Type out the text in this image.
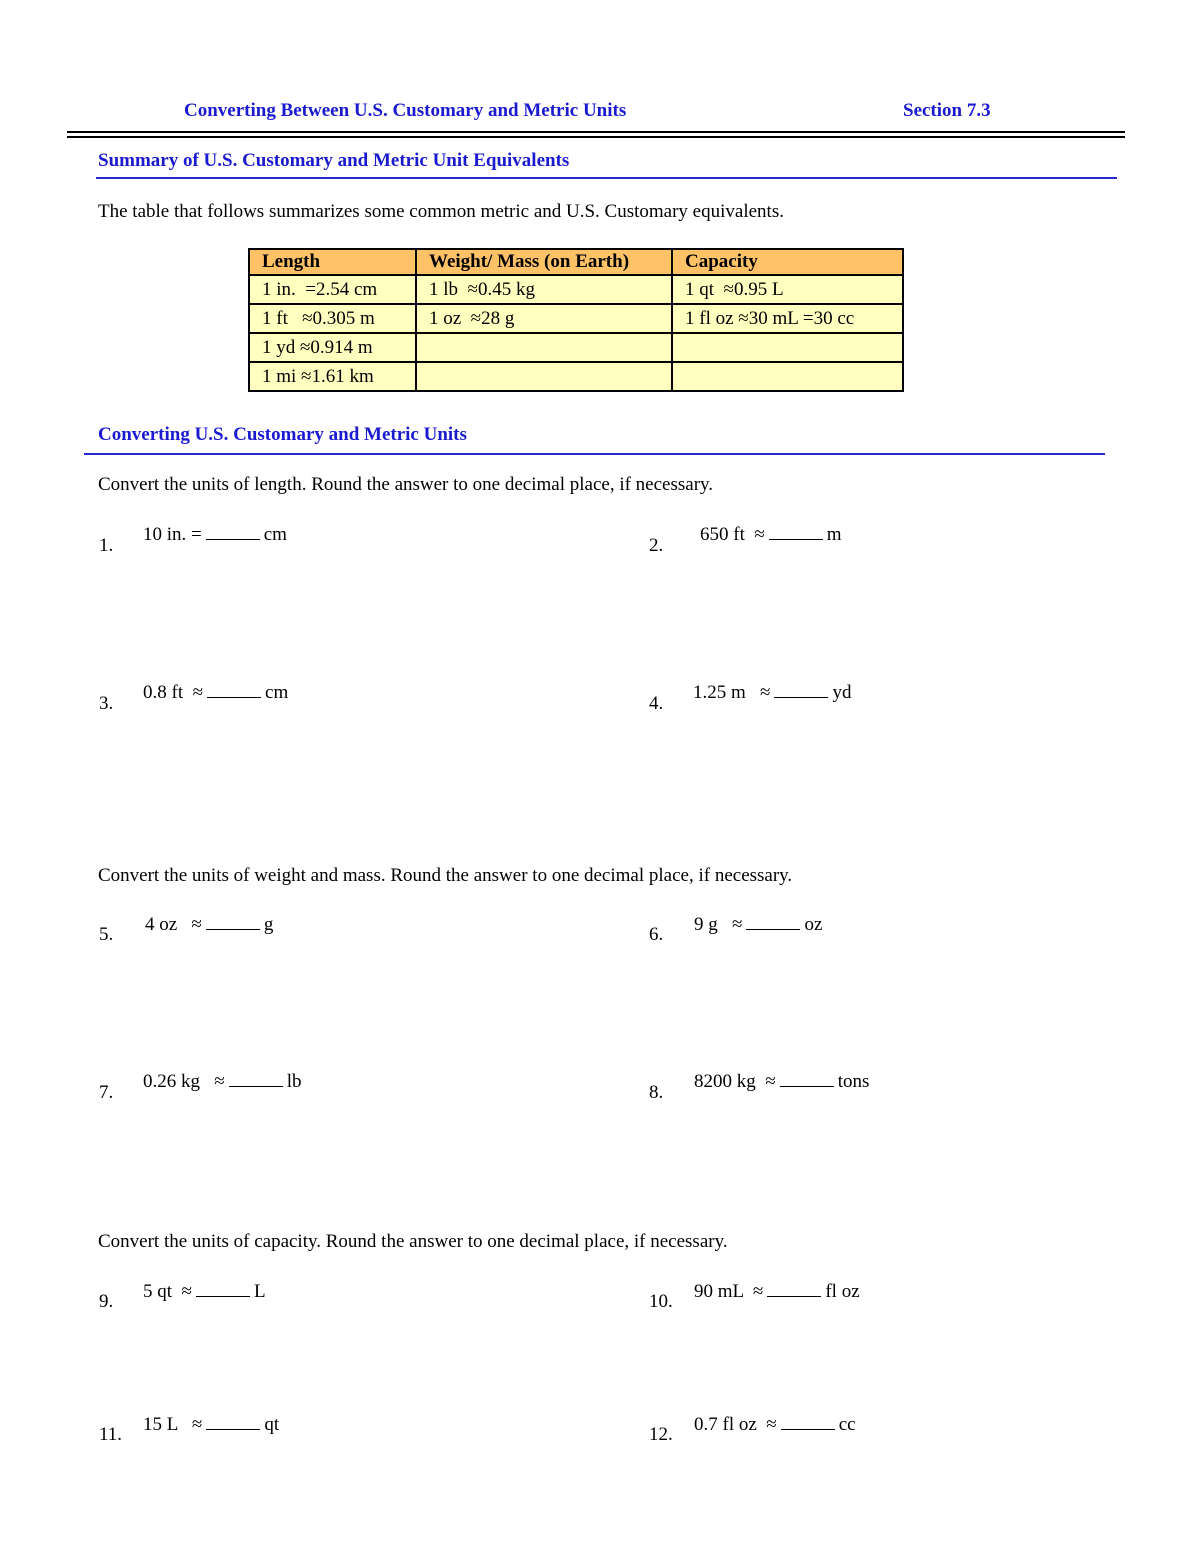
Converting Between U.S. Customary and Metric Units	Section 7.3
Summary of U.S. Customary and Metric Unit Equivalents
The table that follows summarizes some common metric and U.S. Customary equivalents.
Length	Weight/ Mass (on Earth)	Capacity
1 in.  =2.54 cm	1 lb  ≈0.45 kg	1 qt  ≈0.95 L
1 ft   ≈0.305 m	1 oz  ≈28 g	1 fl oz ≈30 mL =30 cc
1 yd ≈0.914 m		
1 mi ≈1.61 km		
Converting U.S. Customary and Metric Units
Convert the units of length. Round the answer to one decimal place, if necessary.
Convert the units of weight and mass. Round the answer to one decimal place, if necessary.
Convert the units of capacity. Round the answer to one decimal place, if necessary.
1.
10 in. =	cm
2.
650 ft  ≈	m
3.
0.8 ft  ≈	cm
4.
1.25 m   ≈	yd
5. 4 oz   ≈	g	6. 9 g   ≈	oz
7.
0.26 kg   ≈	lb
8.
8200 kg  ≈	tons
9. 5 qt  ≈	L	10. 90 mL  ≈	fl oz
11. 15 L   ≈	qt	12. 0.7 fl oz  ≈	cc
